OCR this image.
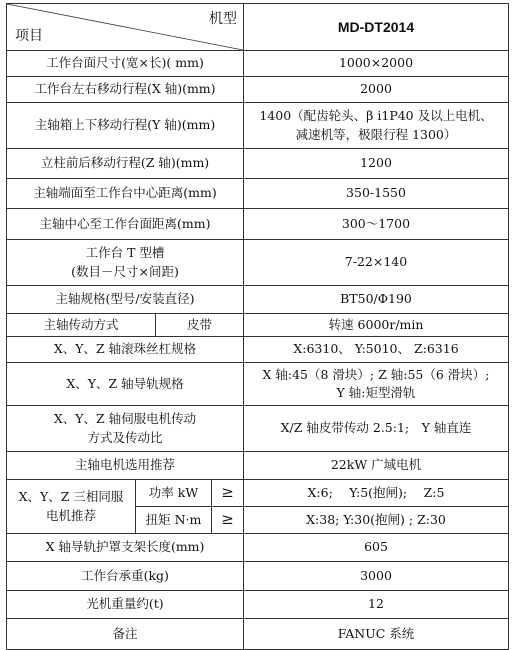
机型
项目				MD-DT2014
工作台面尺寸(宽×长)( mm)				1000×2000
工作台左右移动行程(X 轴)(mm)				2000
主轴箱上下移动行程(Y 轴)(mm)				1400（配齿轮头、β i1P40 及以上电机、
减速机等，极限行程 1300）

立柱前后移动行程(Z 轴)(mm)				1200
主轴端面至工作台中心距离(mm)				350-1550
主轴中心至工作台面距离(mm)				300～1700

工作台 T 型槽
(数目－尺寸×间距)				7-22×140
主轴规格(型号/安装直径)				BT50/Φ190
主轴传动方式		皮带		转速 6000r/min
X、Y、Z 轴滚珠丝杠规格				X:6310、 Y:5010、 Z:6316
X、Y、Z 轴导轨规格				X 轴:45（8 滑块）; Z 轴:55（6 滑块）;
Y 轴:矩型滑轨

X、Y、Z 轴伺服电机传动
方式及传动比				X/Z 轴皮带传动 2.5:1;　Y 轴直连
主轴电机选用推荐				22kW 广域电机

X、Y、Z 三相同服
电机推荐	功率 kW		≥	X:6;　 Y:5(抱闸);　 Z:5
	扭矩 N·m		≥	X:38; Y:30(抱闸) ; Z:30
X 轴导轨护罩支架长度(mm)				605
工作台承重(kg)				3000
光机重量约(t)				12
备注				FANUC 系统
